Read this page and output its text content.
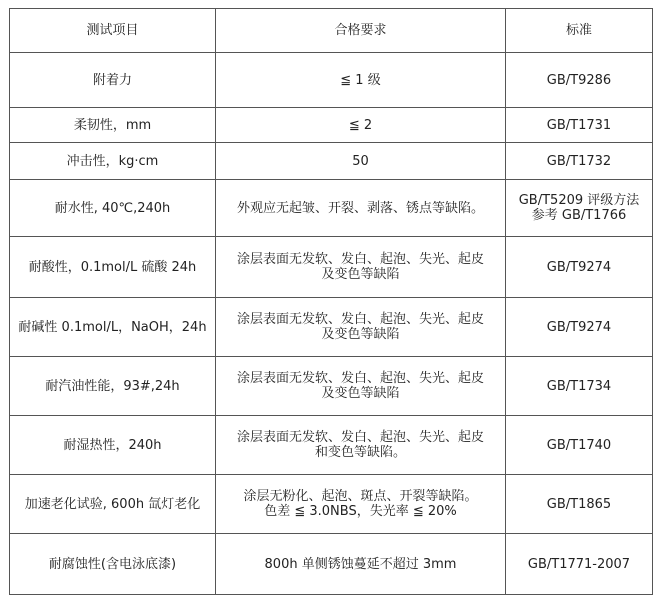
测试项目	合格要求	标准
附着力	≦ 1 级	GB/T9286

柔韧性，mm	≦ 2	GB/T1731

冲击性，kg·cm	50	GB/T1732

耐水性, 40℃,240h	外观应无起皱、开裂、剥落、锈点等缺陷。	GB/T5209 评级方法
参考 GB/T1766

耐酸性，0.1mol/L 硫酸 24h	涂层表面无发软、发白、起泡、失光、起皮
及变色等缺陷	GB/T9274

耐碱性 0.1mol/L，NaOH，24h	涂层表面无发软、发白、起泡、失光、起皮
及变色等缺陷	GB/T9274

耐汽油性能，93#,24h	涂层表面无发软、发白、起泡、失光、起皮
及变色等缺陷	GB/T1734

耐湿热性，240h	涂层表面无发软、发白、起泡、失光、起皮
和变色等缺陷。	GB/T1740

加速老化试验, 600h 氙灯老化	涂层无粉化、起泡、斑点、开裂等缺陷。
色差 ≦ 3.0NBS，失光率 ≦ 20%	GB/T1865

耐腐蚀性(含电泳底漆)	800h 单侧锈蚀蔓延不超过 3mm	GB/T1771-2007
